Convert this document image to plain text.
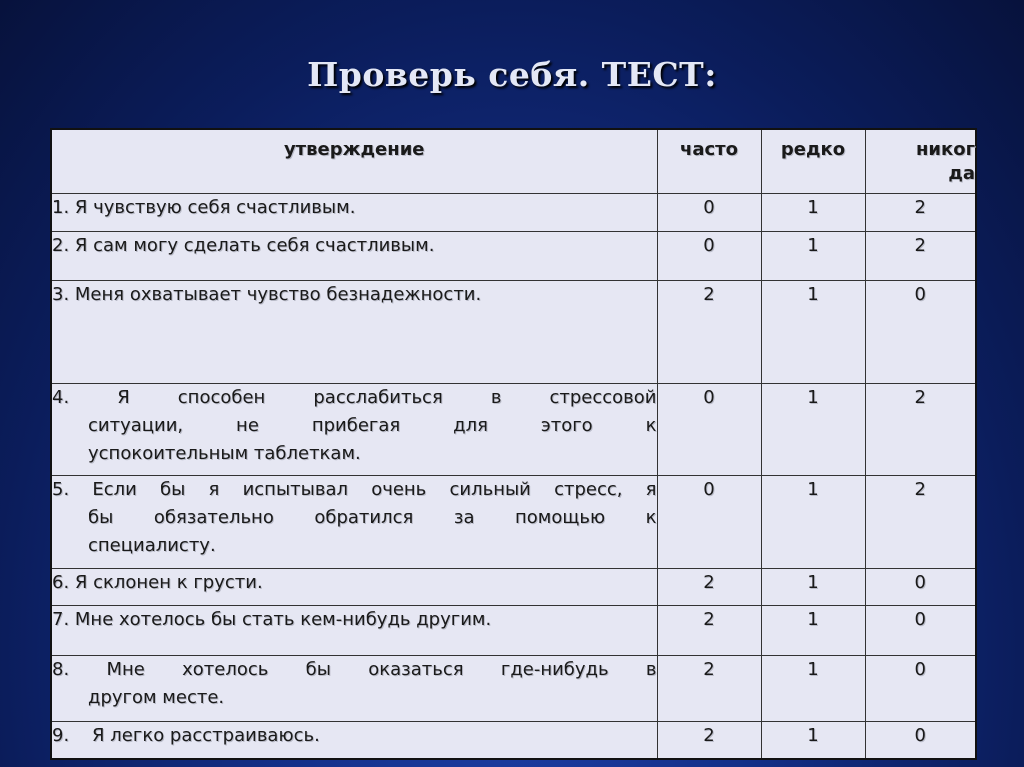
Проверь себя. ТЕСТ:
утверждение	часто	редко	никог
да
1. Я чувствую себя счастливым.	0	1	2
2. Я сам могу сделать себя счастливым.	0	1	2
3. Меня охватывает чувство безнадежности.	2	1	0

4. Я способен расслабиться в стрессовой
ситуации, не прибегая для этого к
успокоительным таблеткам.	0	1	2

5. Если бы я испытывал очень сильный стресс, я
бы обязательно обратился за помощью к
специалисту.	0	1	2
6. Я склонен к грусти.	2	1	0
7. Мне хотелось бы стать кем-нибудь другим.	2	1	0

8. Мне хотелось бы оказаться где-нибудь в
другом месте.	2	1	0
9.    Я легко расстраиваюсь.	2	1	0
